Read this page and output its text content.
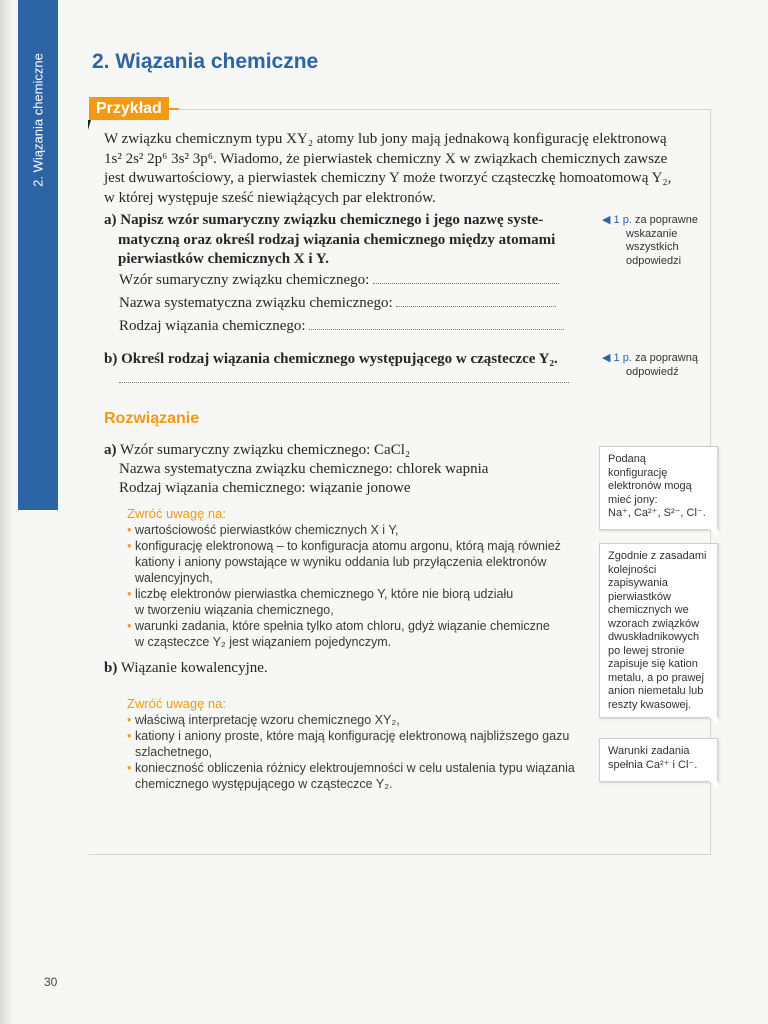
2. Wiązania chemiczne 2. Wiązania chemiczne
Przykład
W związku chemicznym typu XY₂ atomy lub jony mają jednakową konfigurację elektronową
1s² 2s² 2p⁶ 3s² 3p⁶. Wiadomo, że pierwiastek chemiczny X w związkach chemicznych zawsze
jest dwuwartościowy, a pierwiastek chemiczny Y może tworzyć cząsteczkę homoatomową Y₂,
w której występuje sześć niewiążących par elektronów.
a) Napisz wzór sumaryczny związku chemicznego i jego nazwę syste-
matyczną oraz określ rodzaj wiązania chemicznego między atomami
pierwiastków chemicznych X i Y.
◀ 1 p. za poprawne
wskazanie
wszystkich
odpowiedzi
Wzór sumaryczny związku chemicznego:
Nazwa systematyczna związku chemicznego:
Rodzaj wiązania chemicznego:
b) Określ rodzaj wiązania chemicznego występującego w cząsteczce Y₂.	◀ 1 p. za poprawną
odpowiedź
Rozwiązanie
a) Wzór sumaryczny związku chemicznego: CaCl₂
Nazwa systematyczna związku chemicznego: chlorek wapnia
Rodzaj wiązania chemicznego: wiązanie jonowe
Zwróć uwagę na:
• wartościowość pierwiastków chemicznych X i Y,
• konfigurację elektronową – to konfiguracja atomu argonu, którą mają również
kationy i aniony powstające w wyniku oddania lub przyłączenia elektronów
walencyjnych,
• liczbę elektronów pierwiastka chemicznego Y, które nie biorą udziału
w tworzeniu wiązania chemicznego,
• warunki zadania, które spełnia tylko atom chloru, gdyż wiązanie chemiczne
w cząsteczce Y₂ jest wiązaniem pojedynczym.
b) Wiązanie kowalencyjne.
Zwróć uwagę na:
• właściwą interpretację wzoru chemicznego XY₂,
• kationy i aniony proste, które mają konfigurację elektronową najbliższego gazu
szlachetnego,
• konieczność obliczenia różnicy elektroujemności w celu ustalenia typu wiązania
chemicznego występującego w cząsteczce Y₂.
Podaną
konfigurację
elektronów mogą
mieć jony:
Na⁺, Ca²⁺, S²⁻, Cl⁻.
Zgodnie z zasadami
kolejności
zapisywania
pierwiastków
chemicznych we
wzorach związków
dwuskładnikowych
po lewej stronie
zapisuje się kation
metalu, a po prawej
anion niemetalu lub
reszty kwasowej.
Warunki zadania
spełnia Ca²⁺ i Cl⁻.
30
